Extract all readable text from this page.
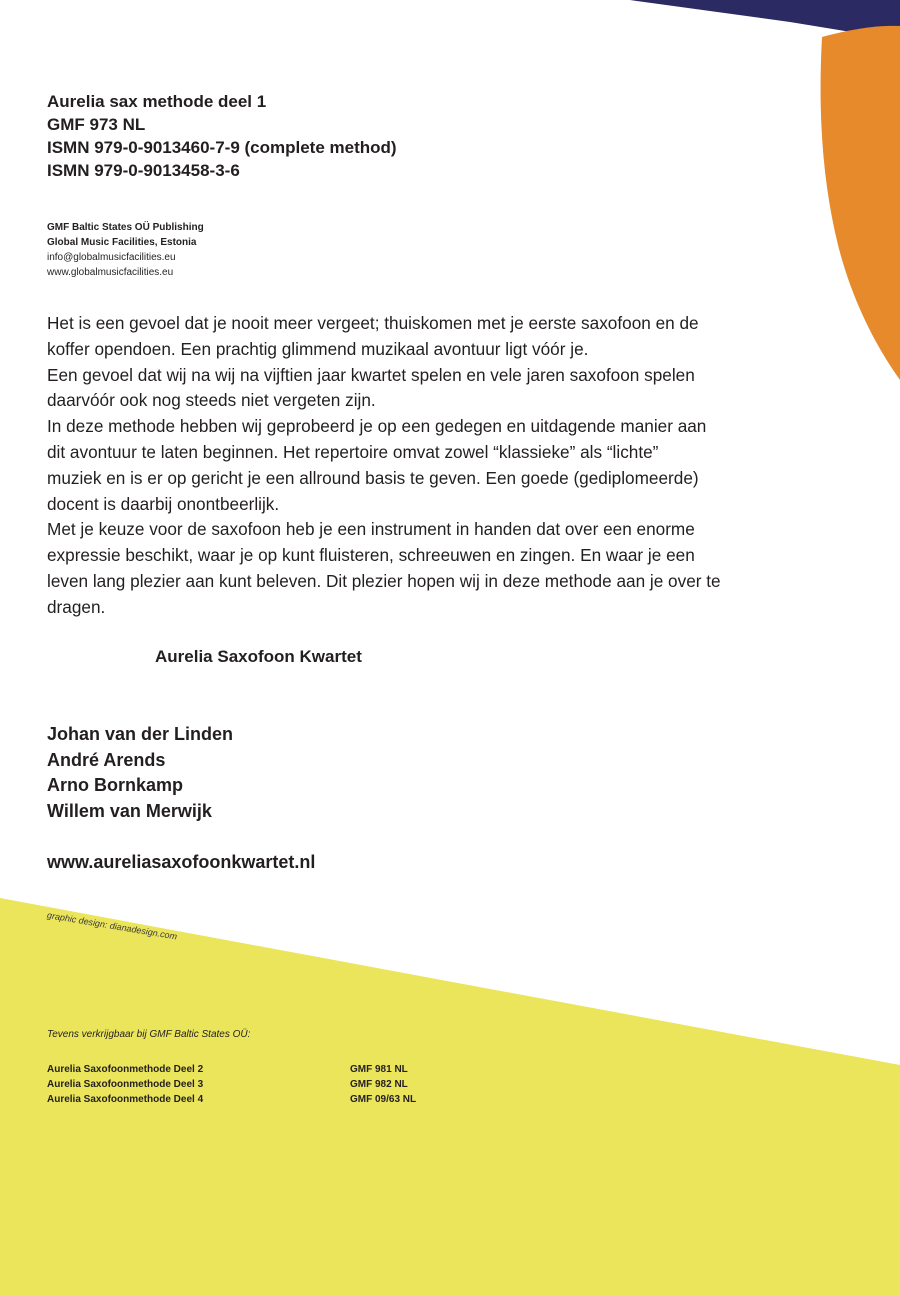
Aurelia sax methode deel 1
GMF 973 NL
ISMN 979-0-9013460-7-9 (complete method)
ISMN 979-0-9013458-3-6
GMF Baltic States OÜ Publishing
Global Music Facilities, Estonia
info@globalmusicfacilities.eu
www.globalmusicfacilities.eu

Het is een gevoel dat je nooit meer vergeet; thuiskomen met je eerste saxofoon en de

koffer opendoen. Een prachtig glimmend muzikaal avontuur ligt vóór je.

Een gevoel dat wij na wij na vijftien jaar kwartet spelen en vele jaren saxofoon spelen

daarvóór ook nog steeds niet vergeten zijn.

In deze methode hebben wij geprobeerd je op een gedegen en uitdagende manier aan

dit avontuur te laten beginnen. Het repertoire omvat zowel “klassieke” als “lichte”

muziek en is er op gericht je een allround basis te geven. Een goede (gediplomeerde)

docent is daarbij onontbeerlijk.

Met je keuze voor de saxofoon heb je een instrument in handen dat over een enorme

expressie beschikt, waar je op kunt fluisteren, schreeuwen en zingen. En waar je een

leven lang plezier aan kunt beleven. Dit plezier hopen wij in deze methode aan je over te

dragen.

Aurelia Saxofoon Kwartet
Johan van der Linden
André Arends
Arno Bornkamp
Willem van Merwijk
www.aureliasaxofoonkwartet.nl
graphic design: dianadesign.com
Tevens verkrijgbaar bij GMF Baltic States OÜ:
Aurelia Saxofoonmethode Deel 2	GMF 981 NL
Aurelia Saxofoonmethode Deel 3	GMF 982 NL
Aurelia Saxofoonmethode Deel 4	GMF 09/63 NL
